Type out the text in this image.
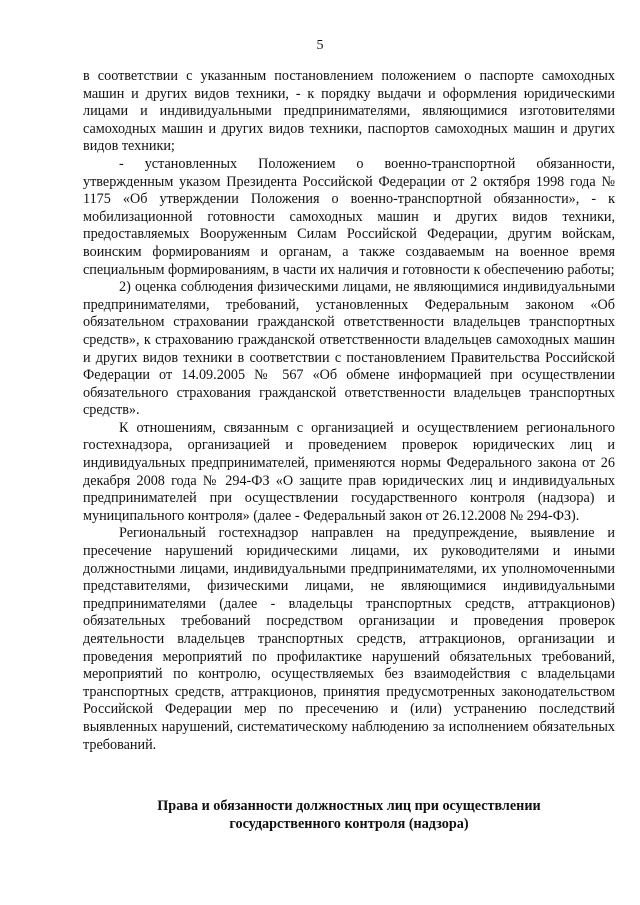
5

в соответствии с указанным постановлением положением о паспорте самоходных машин и других видов техники, - к порядку выдачи и оформления юридическими лицами и индивидуальными предпринимателями, являющимися изготовителями самоходных машин и других видов техники, паспортов самоходных машин и других видов техники;

- установленных Положением о военно-транспортной обязанности, утвержденным указом Президента Российской Федерации от 2 октября 1998 года № 1175 «Об утверждении Положения о военно-транспортной обязанности», - к мобилизационной готовности самоходных машин и других видов техники, предоставляемых Вооруженным Силам Российской Федерации, другим войскам, воинским формированиям и органам, а также создаваемым на военное время специальным формированиям, в части их наличия и готовности к обеспечению работы;

2) оценка соблюдения физическими лицами, не являющимися индивидуальными предпринимателями, требований, установленных Федеральным законом «Об обязательном страховании гражданской ответственности владельцев транспортных средств», к страхованию гражданской ответственности владельцев самоходных машин и других видов техники в соответствии с постановлением Правительства Российской Федерации от 14.09.2005 № 567 «Об обмене информацией при осуществлении обязательного страхования гражданской ответственности владельцев транспортных средств».

К отношениям, связанным с организацией и осуществлением регионального гостехнадзора, организацией и проведением проверок юридических лиц и индивидуальных предпринимателей, применяются нормы Федерального закона от 26 декабря 2008 года № 294-ФЗ «О защите прав юридических лиц и индивидуальных предпринимателей при осуществлении государственного контроля (надзора) и муниципального контроля» (далее - Федеральный закон от 26.12.2008 № 294-ФЗ).

Региональный гостехнадзор направлен на предупреждение, выявление и пресечение нарушений юридическими лицами, их руководителями и иными должностными лицами, индивидуальными предпринимателями, их уполномоченными представителями, физическими лицами, не являющимися индивидуальными предпринимателями (далее - владельцы транспортных средств, аттракционов) обязательных требований посредством организации и проведения проверок деятельности владельцев транспортных средств, аттракционов, организации и проведения мероприятий по профилактике нарушений обязательных требований, мероприятий по контролю, осуществляемых без взаимодействия с владельцами транспортных средств, аттракционов, принятия предусмотренных законодательством Российской Федерации мер по пресечению и (или) устранению последствий выявленных нарушений, систематическому наблюдению за исполнением обязательных требований.

Права и обязанности должностных лиц при осуществлении
государственного контроля (надзора)
